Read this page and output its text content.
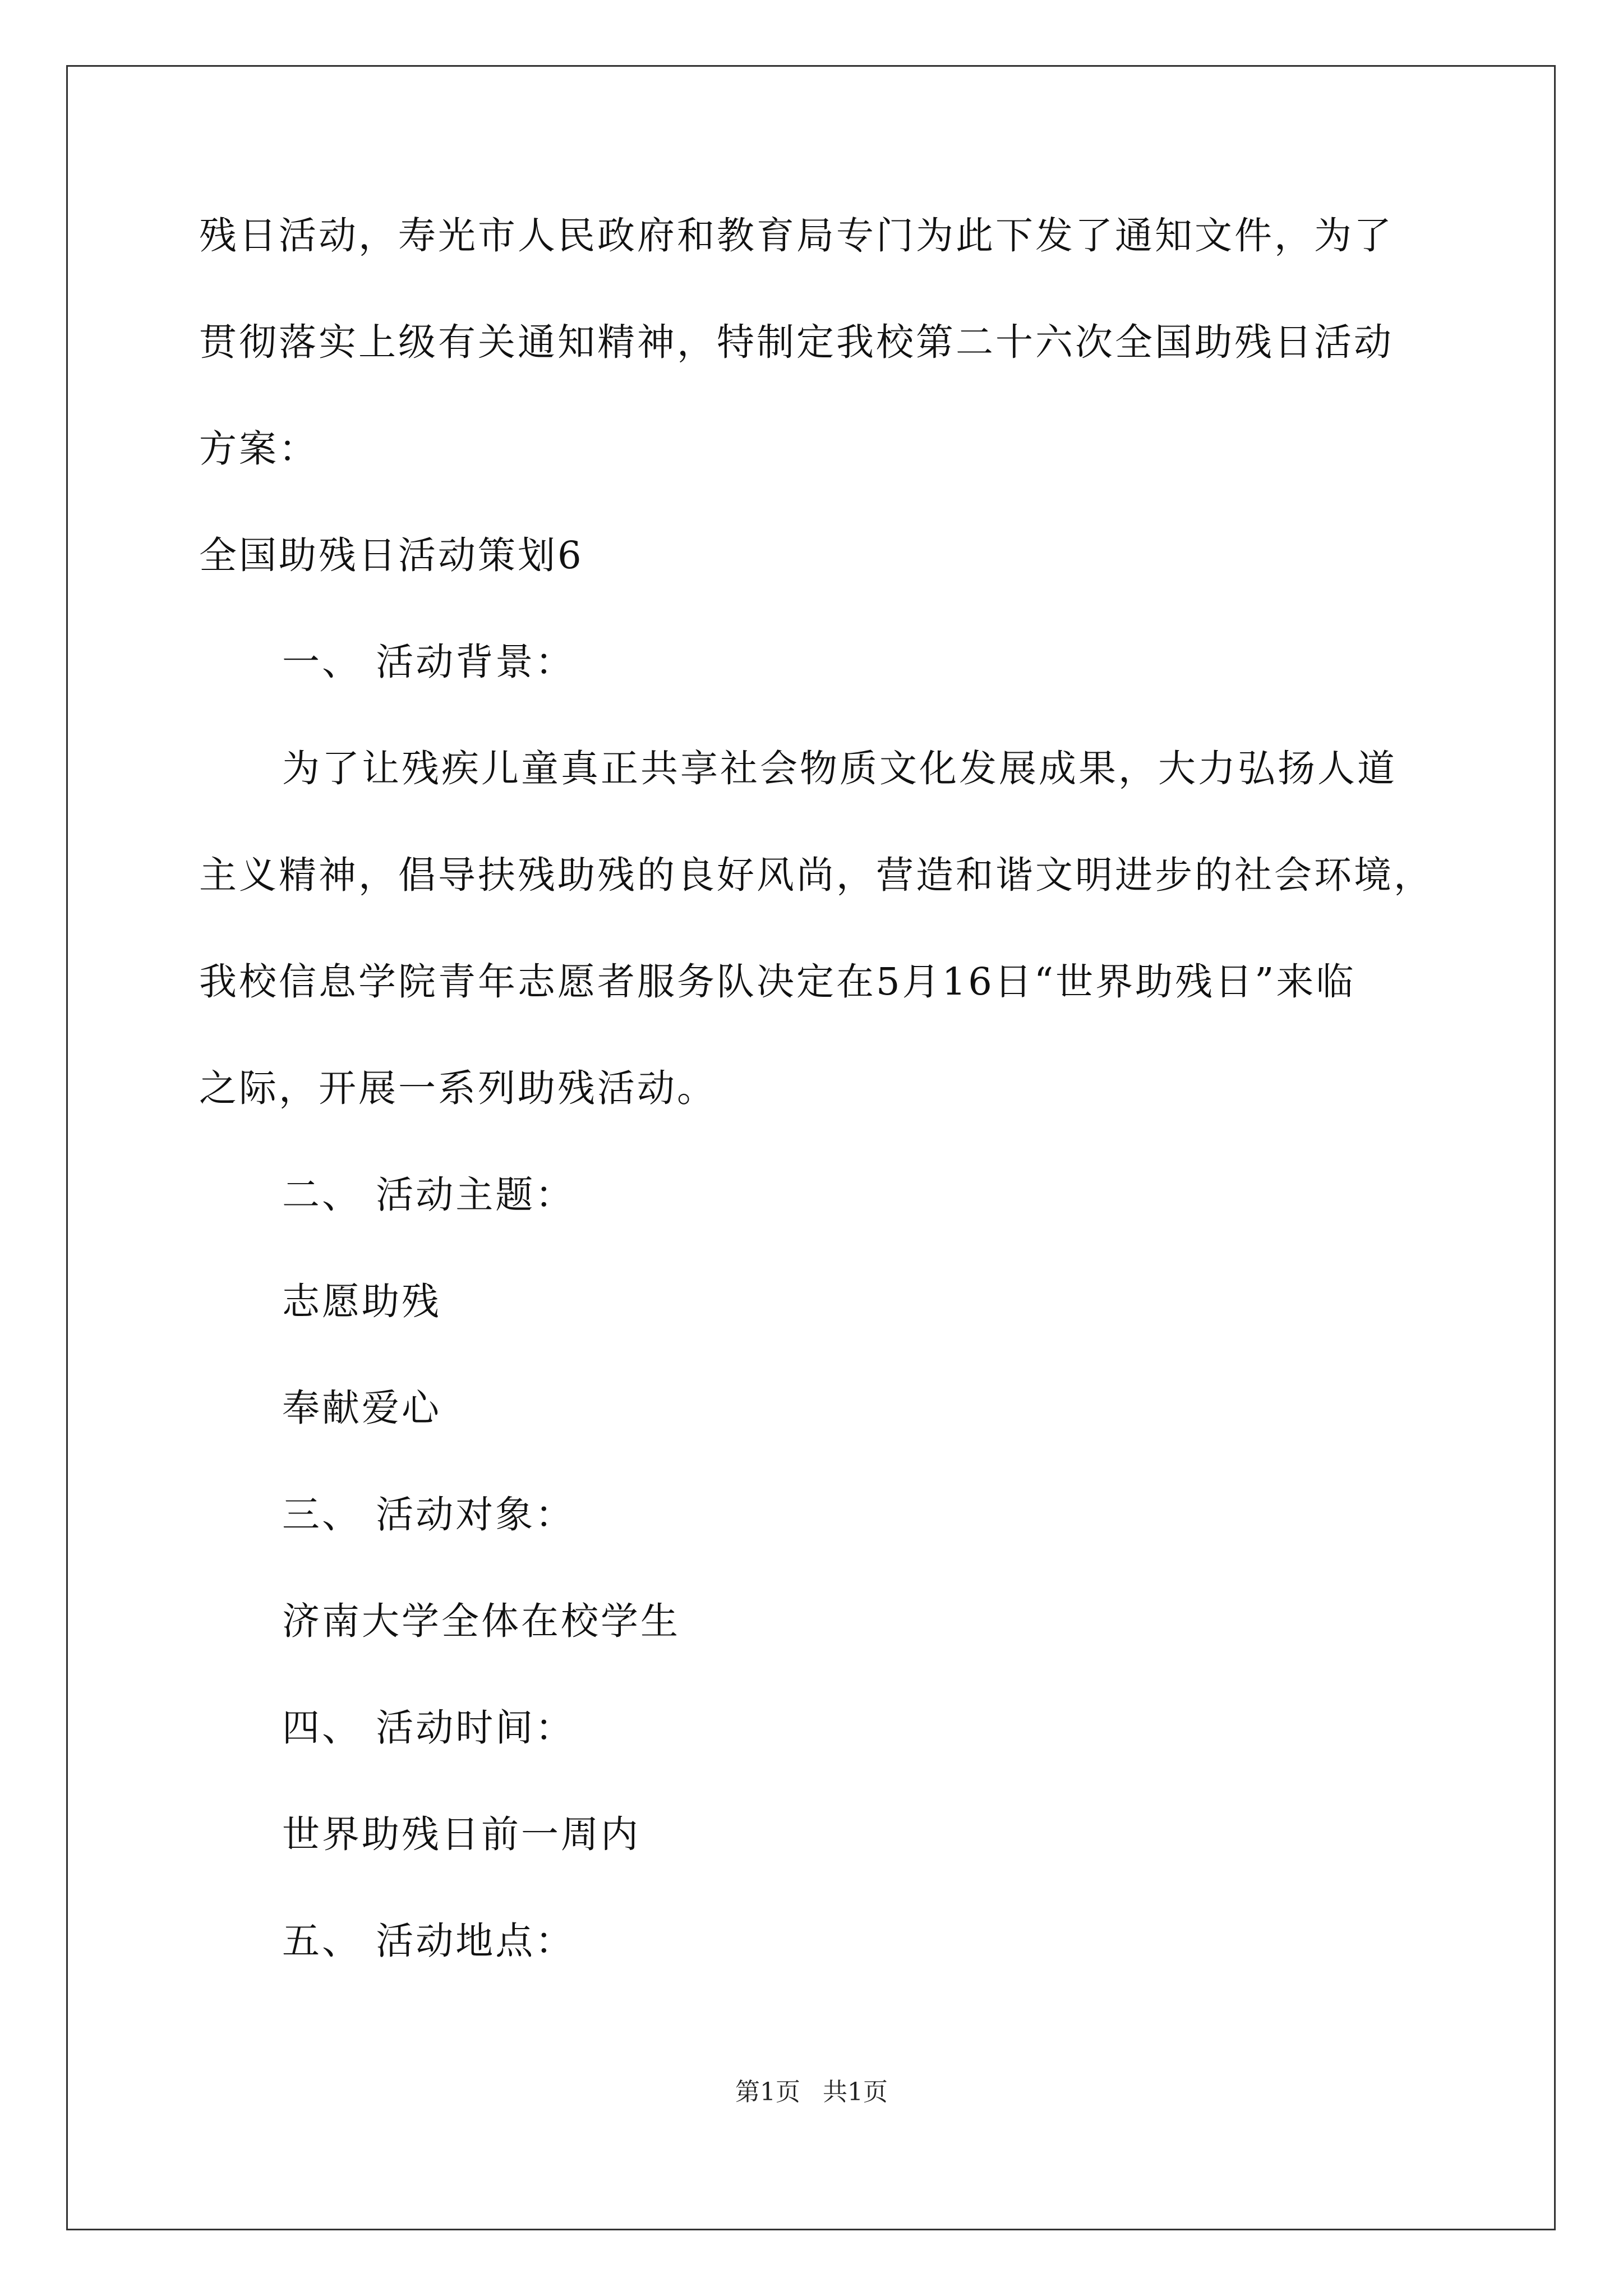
残日活动，寿光市人民政府和教育局专门为此下发了通知文件，为了
贯彻落实上级有关通知精神，特制定我校第二十六次全国助残日活动
方案：
全国助残日活动策划6
一、 活动背景：
为了让残疾儿童真正共享社会物质文化发展成果，大力弘扬人道
主义精神，倡导扶残助残的良好风尚，营造和谐文明进步的社会环境，
我校信息学院青年志愿者服务队决定在5月16日“世界助残日”来临
之际，开展一系列助残活动。
二、 活动主题：
志愿助残
奉献爱心
三、 活动对象：
济南大学全体在校学生
四、 活动时间：
世界助残日前一周内
五、 活动地点：
第1页 共1页
